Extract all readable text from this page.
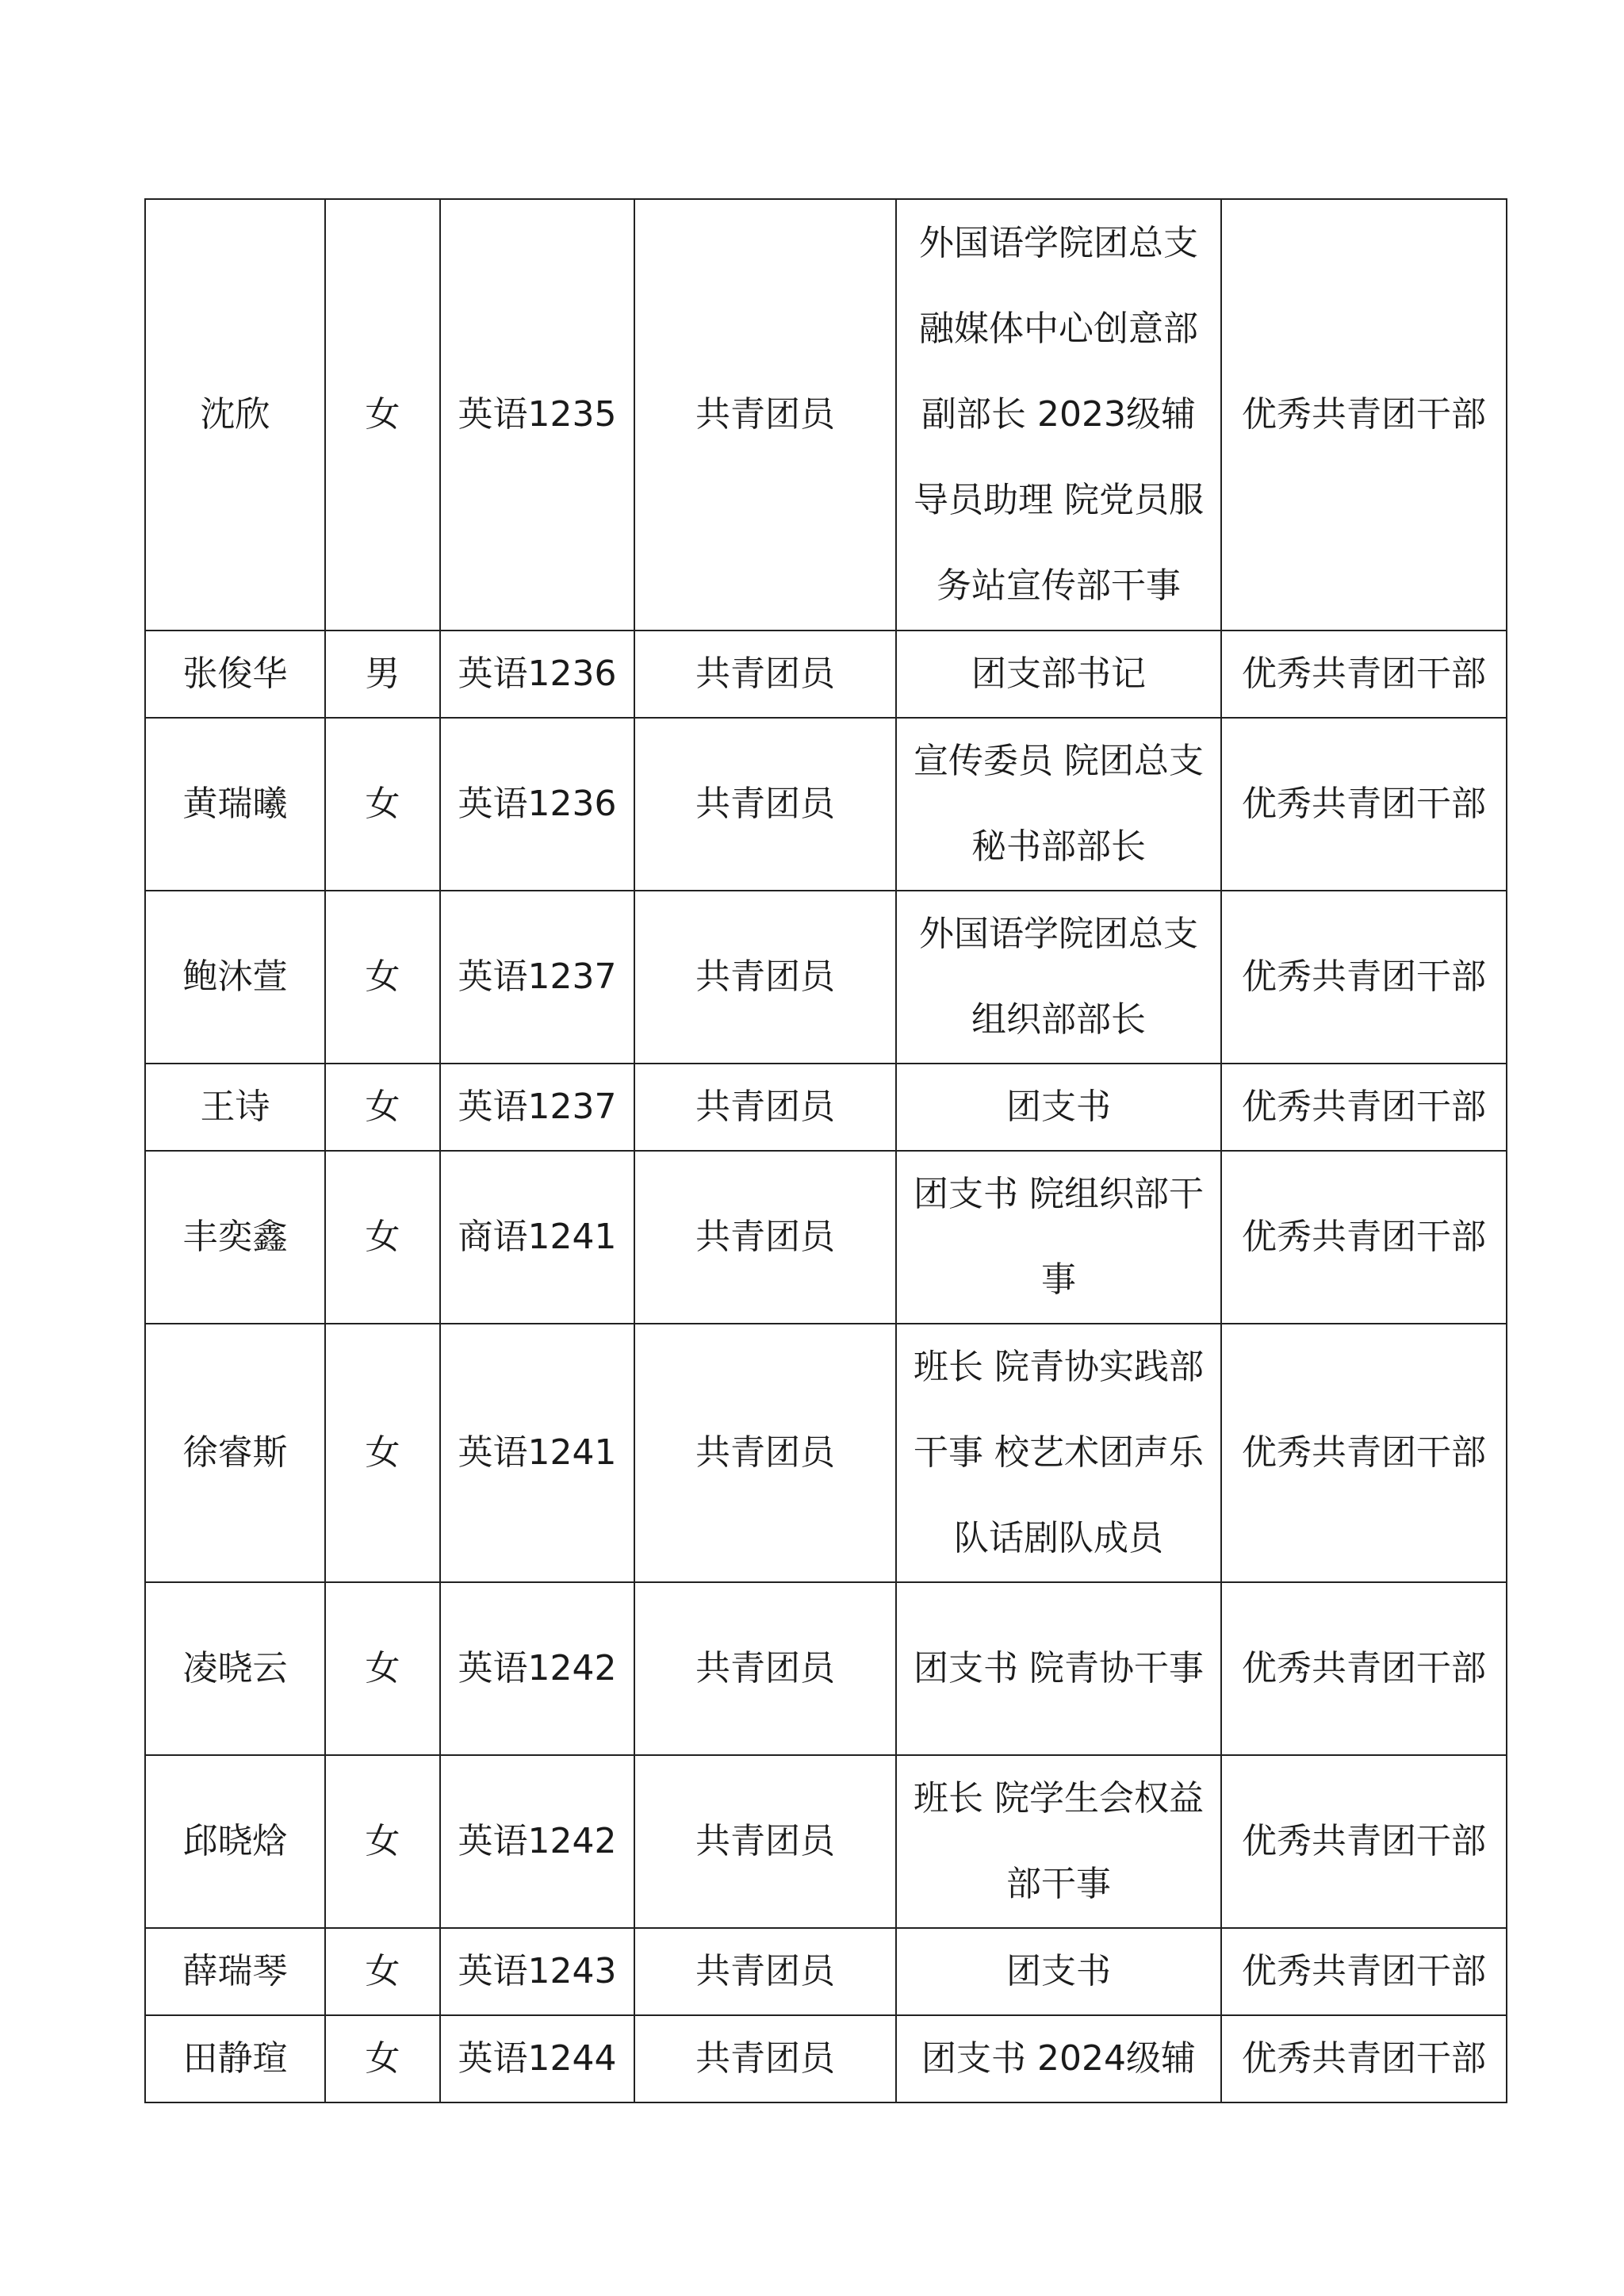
沈欣	女	英语1235	共青团员	外国语学院团总支融媒体中心创意部副部长 2023级辅导员助理 院党员服务站宣传部干事	优秀共青团干部
张俊华	男	英语1236	共青团员	团支部书记	优秀共青团干部
黄瑞曦	女	英语1236	共青团员	宣传委员 院团总支秘书部部长	优秀共青团干部
鲍沐萱	女	英语1237	共青团员	外国语学院团总支组织部部长	优秀共青团干部
王诗	女	英语1237	共青团员	团支书	优秀共青团干部
丰奕鑫	女	商语1241	共青团员	团支书 院组织部干事	优秀共青团干部
徐睿斯	女	英语1241	共青团员	班长 院青协实践部干事 校艺术团声乐队话剧队成员	优秀共青团干部
凌晓云	女	英语1242	共青团员	团支书 院青协干事	优秀共青团干部
邱晓焓	女	英语1242	共青团员	班长 院学生会权益部干事	优秀共青团干部
薛瑞琴	女	英语1243	共青团员	团支书	优秀共青团干部
田静瑄	女	英语1244	共青团员	团支书 2024级辅	优秀共青团干部
